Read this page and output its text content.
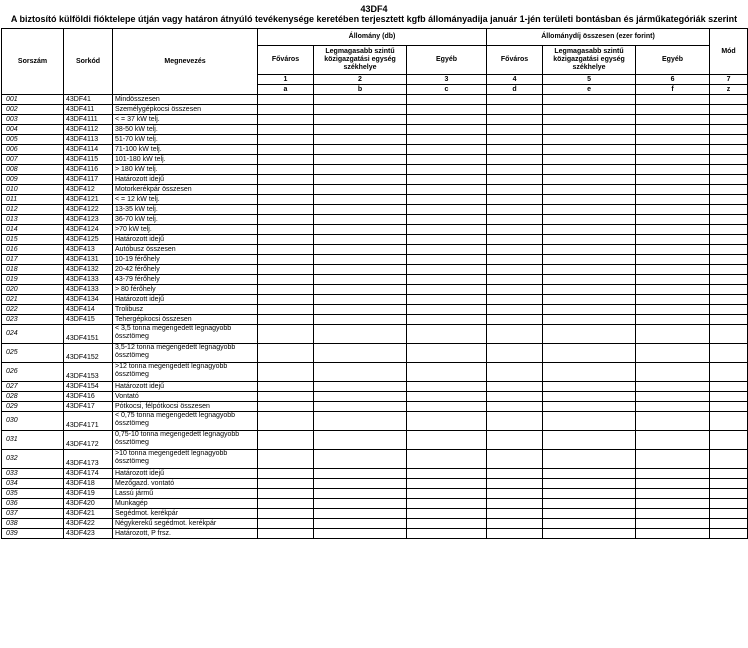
43DF4
A biztosító külföldi fióktelepe útján vagy határon átnyúló tevékenysége keretében terjesztett kgfb állományadija január 1-jén területi bontásban és járműkategóriák szerint
Sorszám	Sorkód	Megnevezés	Állomány (db)			Állománydíj összesen (ezer forint)			Mód
			Főváros	Legmagasabb szintű közigazgatási egység székhelye	Egyéb	Főváros	Legmagasabb szintű közigazgatási egység székhelye	Egyéb	
			1	2	3	4	5	6	7
			a	b	c	d	e	f	z
001	43DF41	Mindösszesen							
002	43DF411	Személygépkocsi összesen							
003	43DF4111	< = 37 kW telj.							
004	43DF4112	38-50 kW telj.							
005	43DF4113	51-70 kW telj.							
006	43DF4114	71-100 kW telj.							
007	43DF4115	101-180 kW telj.							
008	43DF4116	> 180 kW telj.							
009	43DF4117	Határozott idejű							
010	43DF412	Motorkerékpár összesen							
011	43DF4121	< = 12 kW telj.							
012	43DF4122	13-35 kW telj.							
013	43DF4123	36-70 kW telj.							
014	43DF4124	>70 kW telj.							
015	43DF4125	Határozott idejű							
016	43DF413	Autóbusz összesen							
017	43DF4131	10-19 férőhely							
018	43DF4132	20-42 férőhely							
019	43DF4133	43-79 férőhely							
020	43DF4133	> 80 férőhely							
021	43DF4134	Határozott idejű							
022	43DF414	Trolibusz							
023	43DF415	Tehergépkocsi összesen							
024	43DF4151	< 3,5 tonna megengedett legnagyobb össztömeg							
025	43DF4152	3,5-12 tonna megengedett legnagyobb össztömeg							
026	43DF4153	>12 tonna megengedett legnagyobb össztömeg							
027	43DF4154	Határozott idejű							
028	43DF416	Vontató							
029	43DF417	Pótkocsi, félpótkocsi összesen							
030	43DF4171	< 0,75 tonna megengedett legnagyobb össztömeg							
031	43DF4172	0,75-10 tonna megengedett legnagyobb össztömeg							
032	43DF4173	>10 tonna megengedett legnagyobb össztömeg							
033	43DF4174	Határozott idejű							
034	43DF418	Mezőgazd. vontató							
035	43DF419	Lassú jármű							
036	43DF420	Munkagép							
037	43DF421	Segédmot. kerékpár							
038	43DF422	Négykerekű segédmot. kerékpár							
039	43DF423	Határozott, P frsz.							
